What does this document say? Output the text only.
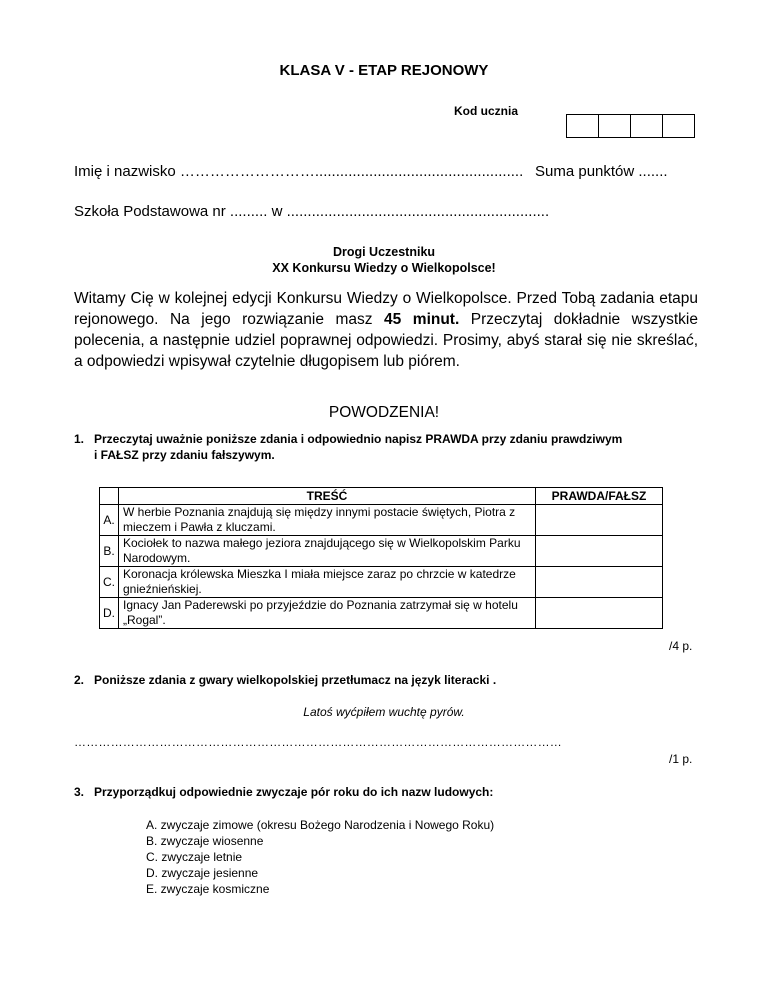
KLASA V - ETAP REJONOWY
Kod ucznia
Imię i nazwisko ……………………….................................................. Suma punktów .......
Szkoła Podstawowa nr ......... w ...............................................................
Drogi Uczestniku
XX Konkursu Wiedzy o Wielkopolsce!
Witamy Cię w kolejnej edycji Konkursu Wiedzy o Wielkopolsce. Przed Tobą zadania etapu rejonowego. Na jego rozwiązanie masz 45 minut. Przeczytaj dokładnie wszystkie polecenia, a następnie udziel poprawnej odpowiedzi. Prosimy, abyś starał się nie skreślać, a odpowiedzi wpisywał czytelnie długopisem lub piórem.
POWODZENIA!
1. Przeczytaj uważnie poniższe zdania i odpowiednio napisz PRAWDA przy zdaniu prawdziwym
i FAŁSZ przy zdaniu fałszywym.
	TREŚĆ	PRAWDA/FAŁSZ
A.	W herbie Poznania znajdują się między innymi postacie świętych, Piotra z mieczem i Pawła z kluczami.	
B.	Kociołek to nazwa małego jeziora znajdującego się w Wielkopolskim Parku Narodowym.	
C.	Koronacja królewska Mieszka I miała miejsce zaraz po chrzcie w katedrze gnieźnieńskiej.	
D.	Ignacy Jan Paderewski po przyjeździe do Poznania zatrzymał się w hotelu „Rogal”.	
/4 p.
2. Poniższe zdania z gwary wielkopolskiej przetłumacz na język literacki .
Latoś wyćpiłem wuchtę pyrów.
…………………………………………………………………………………………………………
/1 p.
3. Przyporządkuj odpowiednie zwyczaje pór roku do ich nazw ludowych:
A. zwyczaje zimowe (okresu Bożego Narodzenia i Nowego Roku)
B. zwyczaje wiosenne
C. zwyczaje letnie
D. zwyczaje jesienne
E. zwyczaje kosmiczne
